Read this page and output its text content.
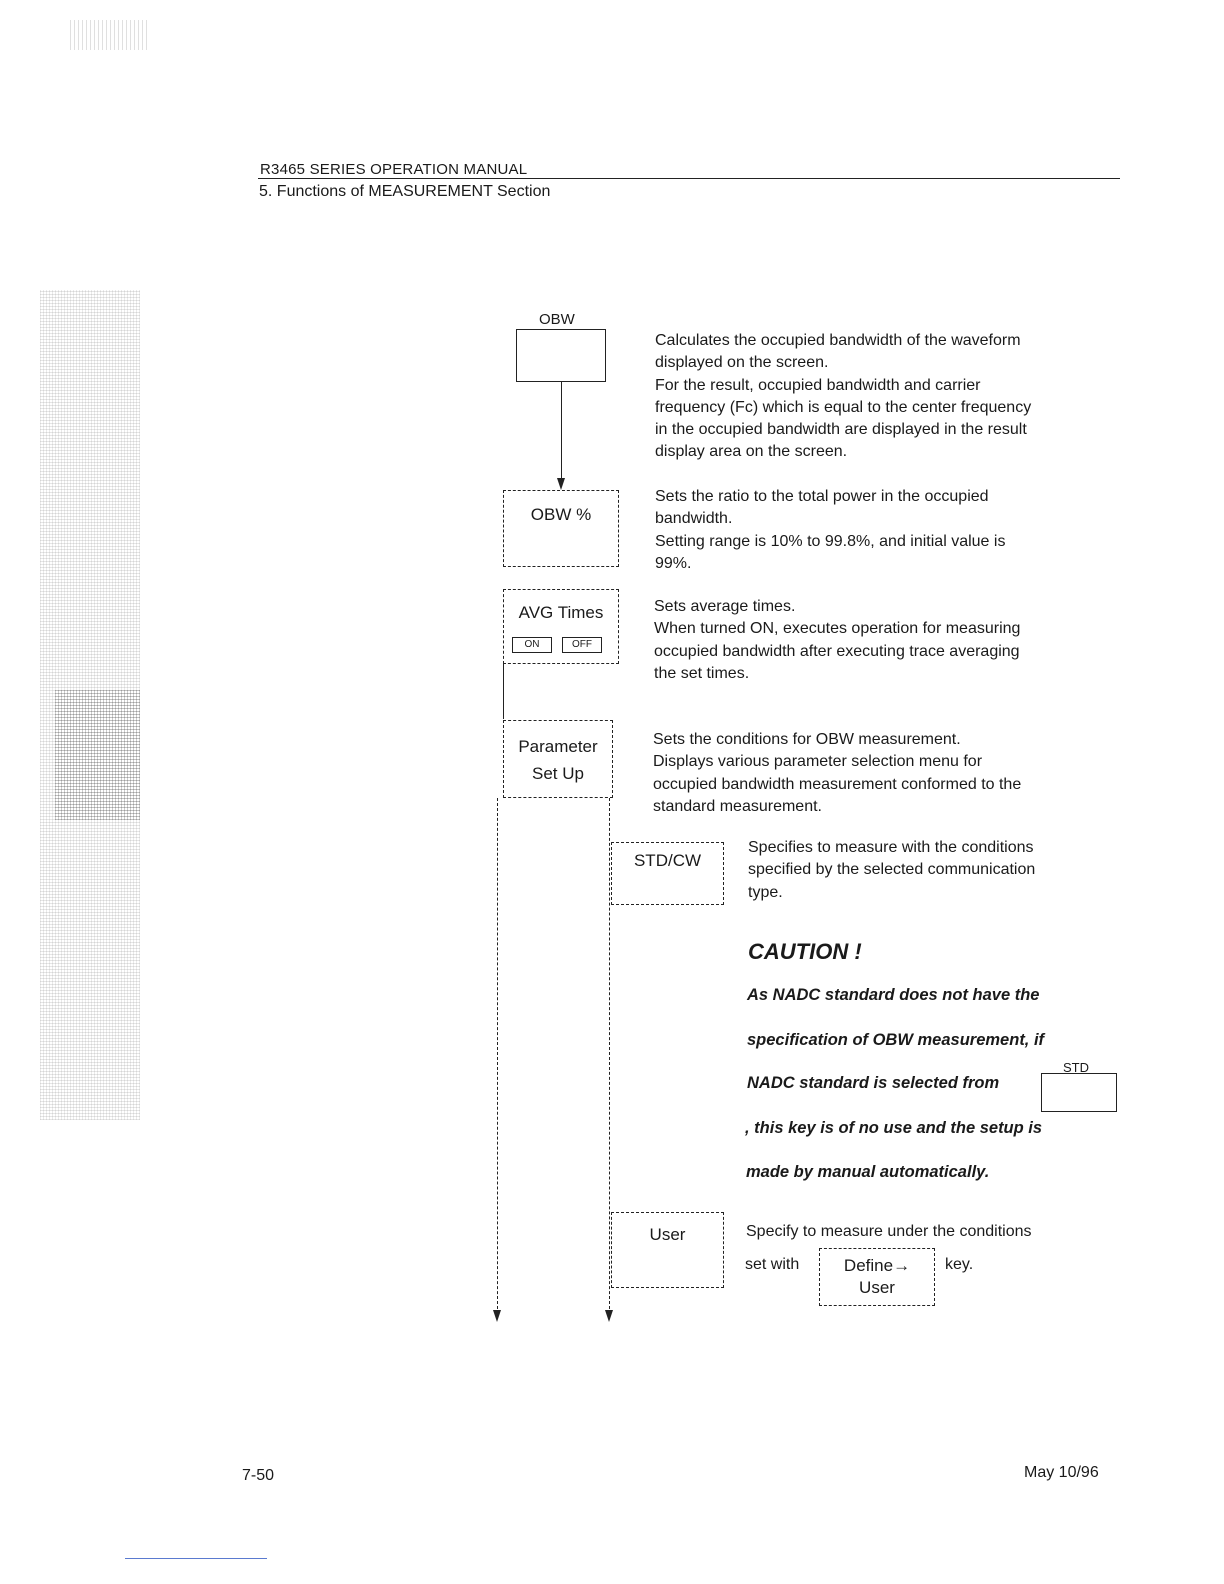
R3465 SERIES OPERATION MANUAL
5. Functions of MEASUREMENT Section
OBW
Calculates the occupied bandwidth of the waveform
displayed on the screen.
For the result, occupied bandwidth and carrier
frequency (Fc) which is equal to the center frequency
in the occupied bandwidth are displayed in the result
display area on the screen.
OBW %
Sets the ratio to the total power in the occupied
bandwidth.
Setting range is 10% to 99.8%, and initial value is
99%.
AVG Times
ON	OFF
Sets average times.
When turned ON, executes operation for measuring
occupied bandwidth after executing trace averaging
the set times.
Parameter
Set Up
Sets the conditions for OBW measurement.
Displays various parameter selection menu for
occupied bandwidth measurement conformed to the
standard measurement.
STD/CW
Specifies to measure with the conditions
specified by the selected communication
type.
CAUTION !
As NADC standard does not have the
specification of OBW measurement, if
NADC standard is selected from
STD
, this key is of no use and the setup is
made by manual automatically.
User	Specify to measure under the conditions
set with	Define→
User
key.
7-50	May 10/96
